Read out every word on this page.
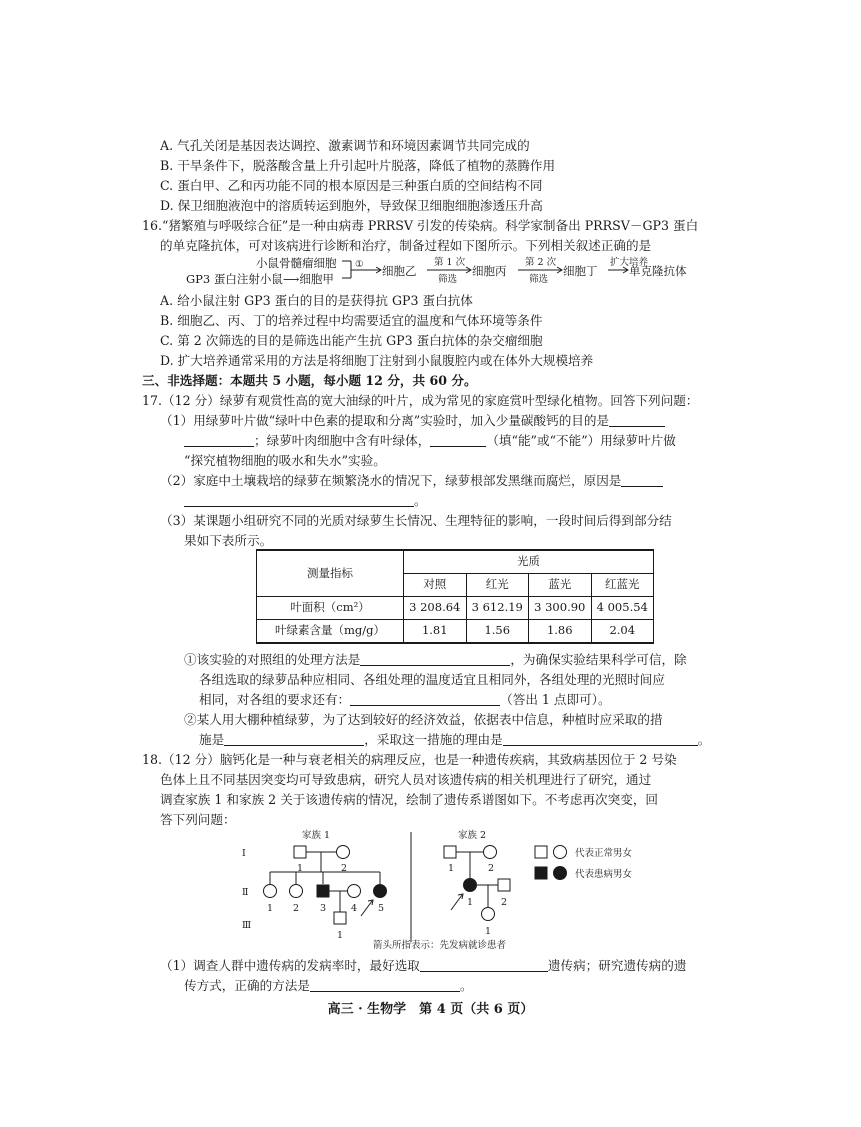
A. 气孔关闭是基因表达调控、激素调节和环境因素调节共同完成的
B. 干旱条件下，脱落酸含量上升引起叶片脱落，降低了植物的蒸腾作用
C. 蛋白甲、乙和丙功能不同的根本原因是三种蛋白质的空间结构不同
D. 保卫细胞液泡中的溶质转运到胞外，导致保卫细胞细胞渗透压升高
16.“猪繁殖与呼吸综合征”是一种由病毒 PRRSV 引发的传染病。科学家制备出 PRRSV－GP3 蛋白
的单克隆抗体，可对该病进行诊断和治疗，制备过程如下图所示。下列相关叙述正确的是
小鼠骨髓瘤细胞
GP3 蛋白注射小鼠⟶细胞甲
① 细胞乙
第 1 次
筛选
细胞丙
第 2 次
筛选
细胞丁
扩大培养
单克隆抗体
A. 给小鼠注射 GP3 蛋白的目的是获得抗 GP3 蛋白抗体
B. 细胞乙、丙、丁的培养过程中均需要适宜的温度和气体环境等条件
C. 第 2 次筛选的目的是筛选出能产生抗 GP3 蛋白抗体的杂交瘤细胞
D. 扩大培养通常采用的方法是将细胞丁注射到小鼠腹腔内或在体外大规模培养
三、非选择题：本题共 5 小题，每小题 12 分，共 60 分。
17.（12 分）绿萝有观赏性高的宽大油绿的叶片，成为常见的家庭赏叶型绿化植物。回答下列问题：
（1）用绿萝叶片做“绿叶中色素的提取和分离”实验时，加入少量碳酸钙的目的是
；绿萝叶肉细胞中含有叶绿体，	（填“能”或“不能”）用绿萝叶片做
“探究植物细胞的吸水和失水”实验。
（2）家庭中土壤栽培的绿萝在频繁浇水的情况下，绿萝根部发黑继而腐烂，原因是
。
（3）某课题小组研究不同的光质对绿萝生长情况、生理特征的影响，一段时间后得到部分结
果如下表所示。
测量指标	光质			
	对照	红光	蓝光	红蓝光
叶面积（cm²）	3 208.64	3 612.19	3 300.90	4 005.54
叶绿素含量（mg/g）	1.81	1.56	1.86	2.04
①该实验的对照组的处理方法是	，为确保实验结果科学可信，除
各组选取的绿萝品种应相同、各组处理的温度适宜且相同外，各组处理的光照时间应
相同，对各组的要求还有：	（答出 1 点即可）。
②某人用大棚种植绿萝，为了达到较好的经济效益，依据表中信息，种植时应采取的措
施是	，采取这一措施的理由是	。
18.（12 分）脑钙化是一种与衰老相关的病理反应，也是一种遗传疾病，其致病基因位于 2 号染
色体上且不同基因突变均可导致患病，研究人员对该遗传病的相关机理进行了研究，通过
调查家族 1 和家族 2 关于该遗传病的情况，绘制了遗传系谱图如下。不考虑再次突变，回
答下列问题：
家族 1	家族 2
Ⅰ
Ⅱ
Ⅲ
1	2
1 2 3	4 5
1
1	2
1	2
1
代表正常男女
代表患病男女
箭头所指表示：先发病就诊患者
（1）调查人群中遗传病的发病率时，最好选取	遗传病；研究遗传病的遗
传方式，正确的方法是	。
高三 · 生物学　第 4 页（共 6 页）
